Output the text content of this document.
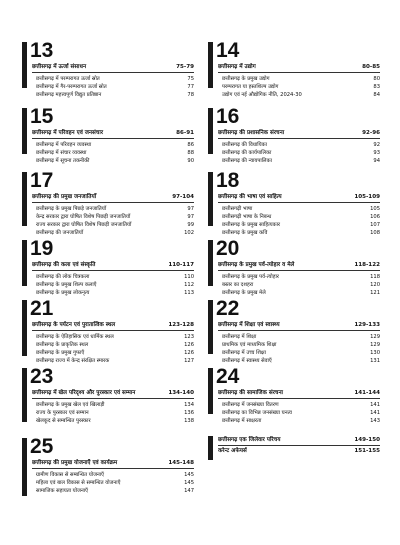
13
छत्तीसगढ़ में ऊर्जा संसाधन	75-79
छत्तीसगढ़ में परम्परागत ऊर्जा स्रोत	75
छत्तीसगढ़ में गैर-परम्परागत ऊर्जा स्रोत	77
छत्तीसगढ़ महत्त्वपूर्ण विद्युत प्रतिष्ठान	78
15
छत्तीसगढ़ में परिवहन एवं जनसंचार	86-91
छत्तीसगढ़ में परिवहन व्यवस्था	86
छत्तीसगढ़ में संचार व्यवस्था	88
छत्तीसगढ़ में सूचना तकनीकी	90
17
छत्तीसगढ़ की प्रमुख जनजातियाँ	97-104
छत्तीसगढ़ के प्रमुख पिछड़े जनजातियाँ	97
केन्द्र सरकार द्वारा घोषित विशेष पिछड़ी जनजातियाँ	97
राज्य सरकार द्वारा घोषित विशेष पिछड़ी जनजातियाँ	99
छत्तीसगढ़ की जनजातियाँ	102
19
छत्तीसगढ़ की कला एवं संस्कृति	110-117
छत्तीसगढ़ की लोक चित्रकला	110
छत्तीसगढ़ के प्रमुख शिल्प कलाएँ	112
छत्तीसगढ़ के प्रमुख लोकनृत्य	113
21
छत्तीसगढ़ के पर्यटन एवं पुरातात्विक स्थल	123-128
छत्तीसगढ़ के ऐतिहासिक एवं धार्मिक स्थल	123
छत्तीसगढ़ के प्राकृतिक स्थल	126
छत्तीसगढ़ के प्रमुख गुफाएँ	126
छत्तीसगढ़ राज्य में केन्द्र संरक्षित स्मारक	127
23
छत्तीसगढ़ में खेल परिदृश्य और पुरस्कार एवं सम्मान	134-140
छत्तीसगढ़ के प्रमुख खेल एवं खिलाड़ी	134
राज्य के पुरस्कार एवं सम्मान	136
खेलकूद से सम्बन्धित पुरस्कार	138
25
छत्तीसगढ़ की प्रमुख योजनाएँ एवं कार्यक्रम	145-148
ग्रामीण विकास से सम्बन्धित योजनाएँ	145
महिला एवं बाल विकास से सम्बन्धित योजनाएँ	145
सामाजिक सहायता योजनाएँ	147
14
छत्तीसगढ़ में उद्योग	80-85
छत्तीसगढ़ के प्रमुख उद्योग	80
परम्परागत या हस्तशिल्प उद्योग	83
उद्योग एवं नई औद्योगिक नीति, 2024-30	84
16
छत्तीसगढ़ की प्रशासनिक संरचना	92-96
छत्तीसगढ़ की विधायिका	92
छत्तीसगढ़ की कार्यपालिका	93
छत्तीसगढ़ की न्यायपालिका	94
18
छत्तीसगढ़ की भाषा एवं साहित्य	105-109
छत्तीसगढ़ी भाषा	105
छत्तीसगढ़ी भाषा के निबन्ध	106
छत्तीसगढ़ के प्रमुख साहित्यकार	107
छत्तीसगढ़ के प्रमुख कवि	108
20
छत्तीसगढ़ के प्रमुख पर्व-त्योहार व मेले	118-122
छत्तीसगढ़ के प्रमुख पर्व-त्योहार	118
बस्तर का दशहरा	120
छत्तीसगढ़ के प्रमुख मेले	121
22
छत्तीसगढ़ में शिक्षा एवं स्वास्थ्य	129-133
छत्तीसगढ़ में शिक्षा	129
प्राथमिक एवं माध्यमिक शिक्षा	129
छत्तीसगढ़ में उच्च शिक्षा	130
छत्तीसगढ़ में स्वास्थ्य सेवाएँ	131
24
छत्तीसगढ़ की सामाजिक संरचना	141-144
छत्तीसगढ़ में जनसंख्या वितरण	141
छत्तीसगढ़ का विभिन्न जनसंख्या घनत्व	141
छत्तीसगढ़ में साक्षरता	143
छत्तीसगढ़ एक जिलेवार परिचय	149-150
करेन्ट अफेयर्स	151-155
